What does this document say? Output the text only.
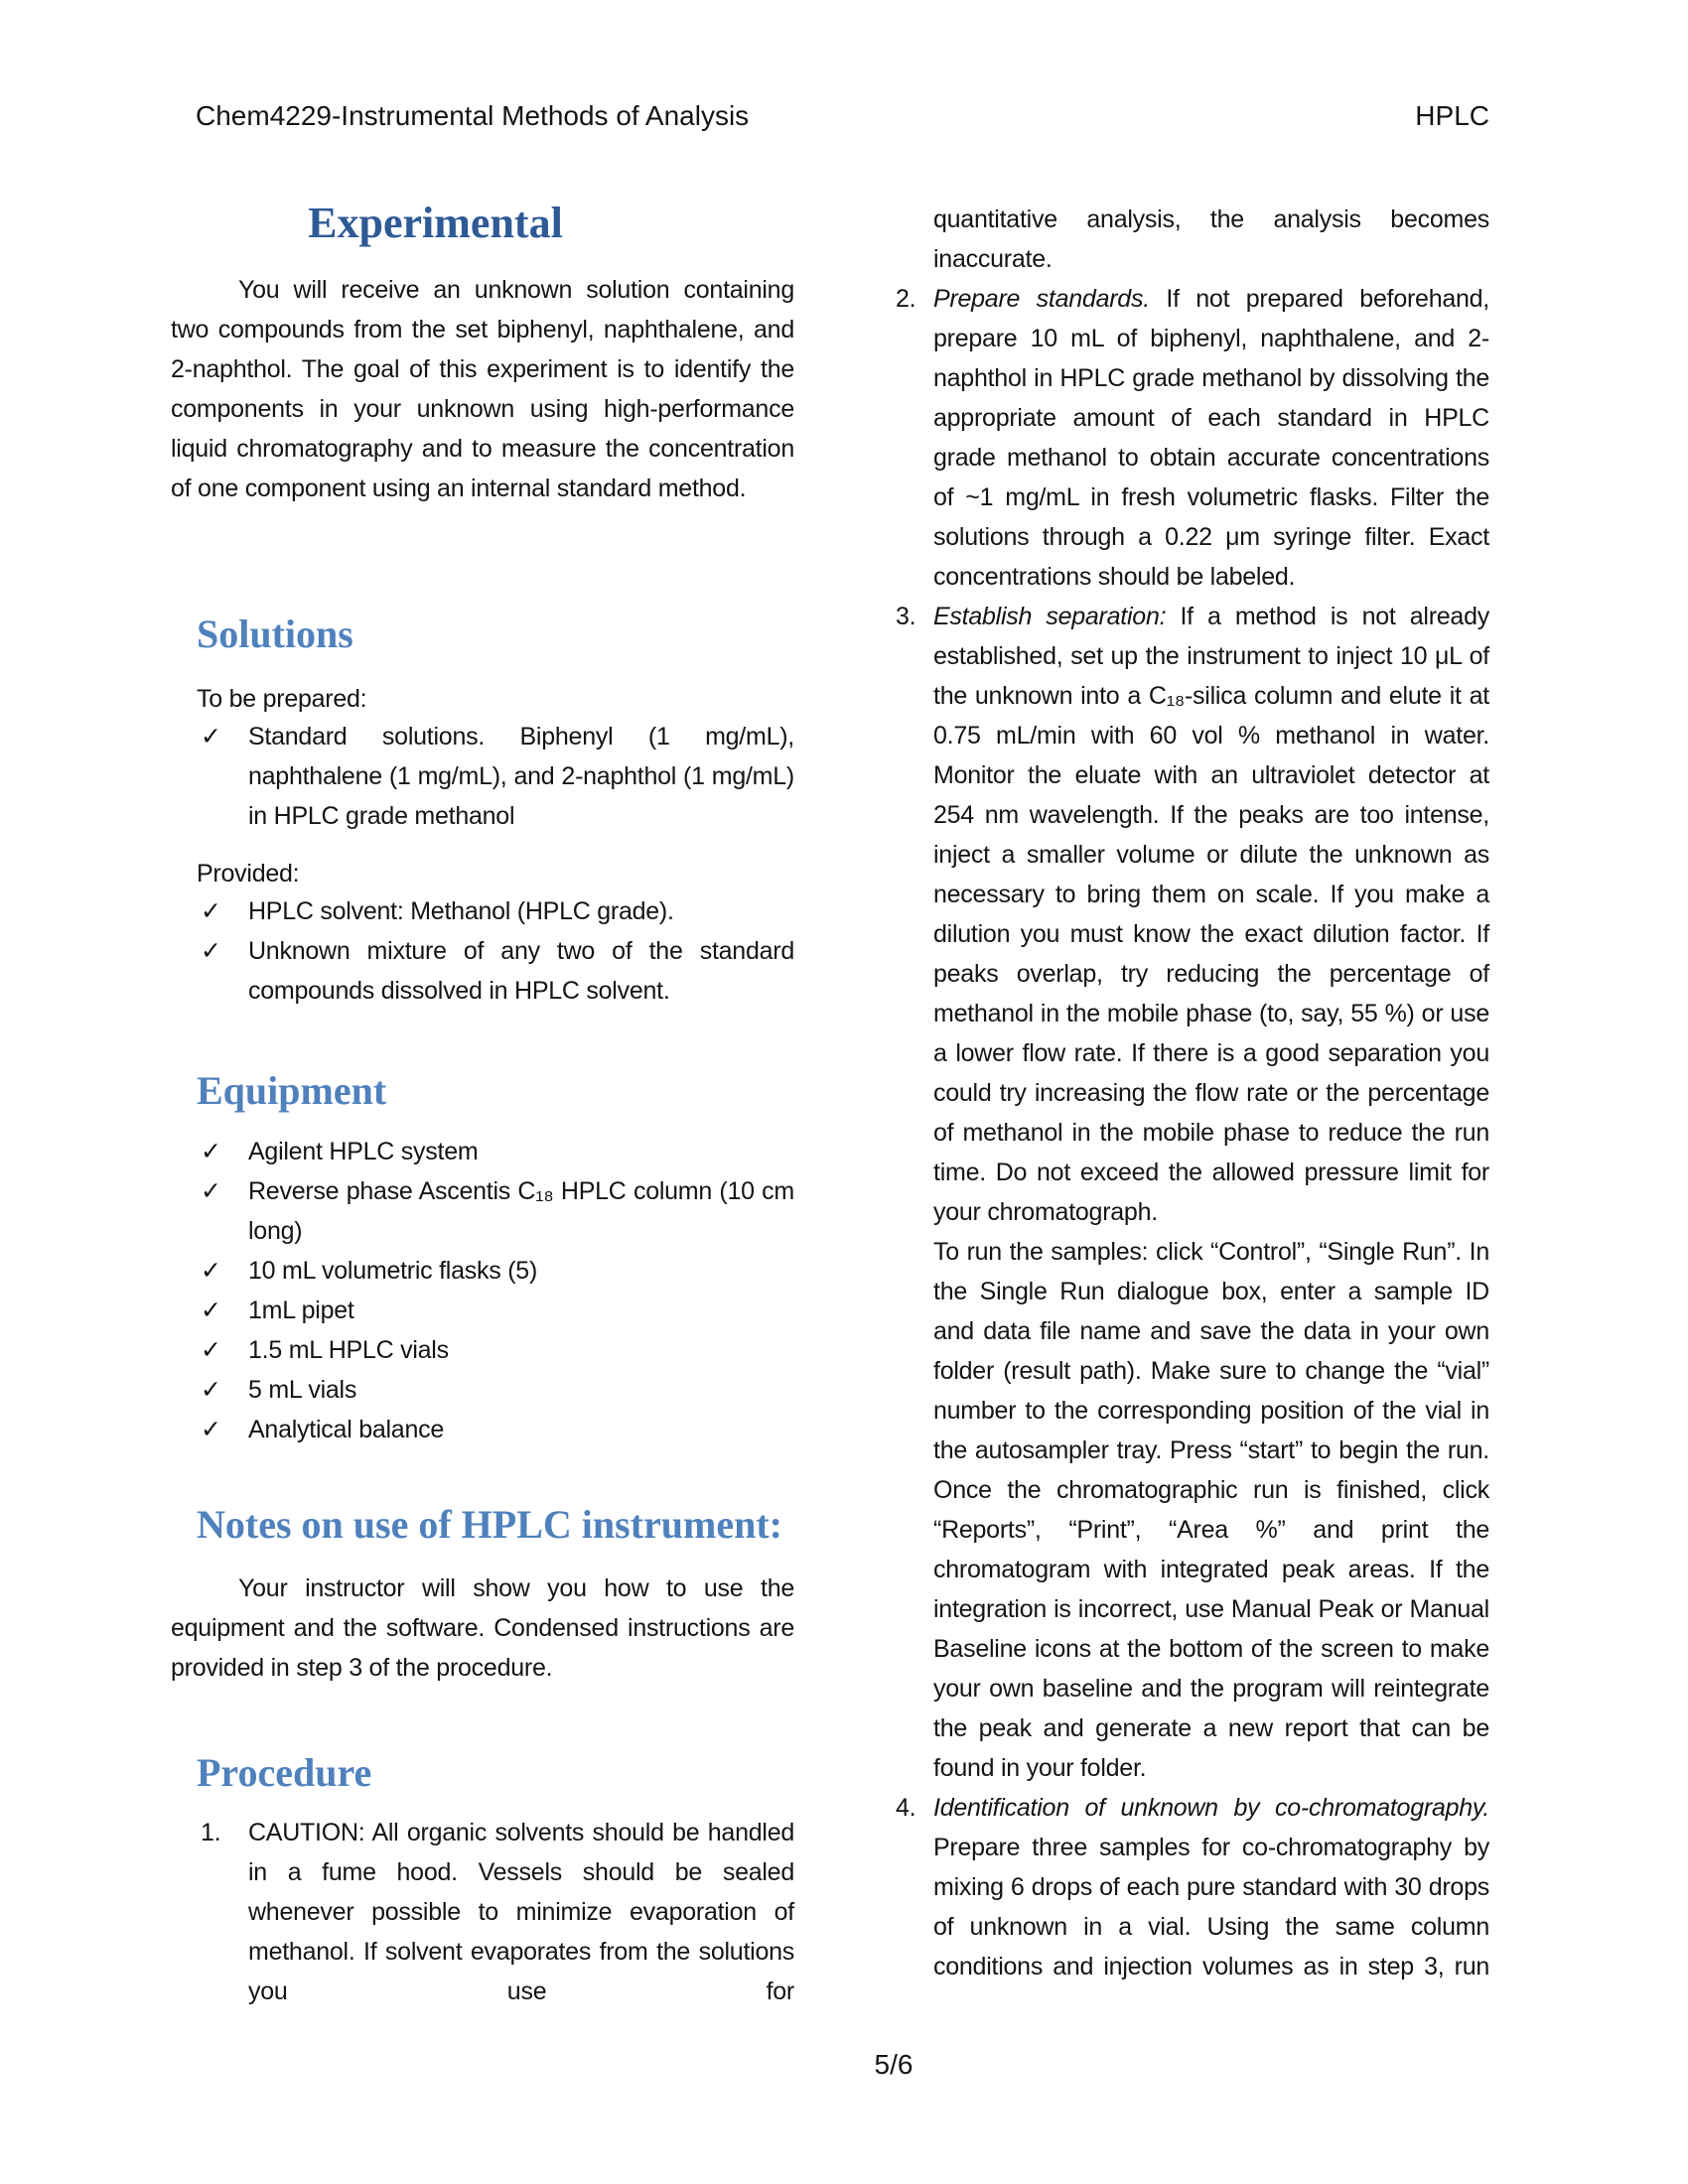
Chem4229-Instrumental Methods of Analysis	HPLC
Experimental
You will receive an unknown solution containing two compounds from the set biphenyl, naphthalene, and 2-naphthol. The goal of this experiment is to identify the components in your unknown using high-performance liquid chromatography and to measure the concentration of one component using an internal standard method.
Solutions
To be prepared:
✓	Standard solutions. Biphenyl (1 mg/mL), naphthalene (1 mg/mL), and 2-naphthol (1 mg/mL) in HPLC grade methanol
Provided:
✓	HPLC solvent: Methanol (HPLC grade).
✓	Unknown mixture of any two of the standard compounds dissolved in HPLC solvent.
Equipment
✓	Agilent HPLC system
✓	Reverse phase Ascentis C₁₈ HPLC column (10 cm long)
✓	10 mL volumetric flasks (5)
✓	1mL pipet
✓	1.5 mL HPLC vials
✓	5 mL vials
✓	Analytical balance
Notes on use of HPLC instrument:
Your instructor will show you how to use the equipment and the software. Condensed instructions are provided in step 3 of the procedure.
Procedure
1.	CAUTION: All organic solvents should be handled in a fume hood. Vessels should be sealed whenever possible to minimize evaporation of methanol. If solvent evaporates from the solutions you use for
quantitative analysis, the analysis becomes inaccurate.
2. Prepare standards. If not prepared beforehand, prepare 10 mL of biphenyl, naphthalene, and 2-naphthol in HPLC grade methanol by dissolving the appropriate amount of each standard in HPLC grade methanol to obtain accurate concentrations of ~1 mg/mL in fresh volumetric flasks. Filter the solutions through a 0.22 μm syringe filter. Exact concentrations should be labeled.
3. Establish separation: If a method is not already established, set up the instrument to inject 10 μL of the unknown into a C₁₈-silica column and elute it at 0.75 mL/min with 60 vol % methanol in water. Monitor the eluate with an ultraviolet detector at 254 nm wavelength. If the peaks are too intense, inject a smaller volume or dilute the unknown as necessary to bring them on scale. If you make a dilution you must know the exact dilution factor. If peaks overlap, try reducing the percentage of methanol in the mobile phase (to, say, 55 %) or use a lower flow rate. If there is a good separation you could try increasing the flow rate or the percentage of methanol in the mobile phase to reduce the run time. Do not exceed the allowed pressure limit for your chromatograph.
To run the samples: click “Control”, “Single Run”. In the Single Run dialogue box, enter a sample ID and data file name and save the data in your own folder (result path). Make sure to change the “vial” number to the corresponding position of the vial in the autosampler tray. Press “start” to begin the run. Once the chromatographic run is finished, click “Reports”, “Print”, “Area %” and print the chromatogram with integrated peak areas. If the integration is incorrect, use Manual Peak or Manual Baseline icons at the bottom of the screen to make your own baseline and the program will reintegrate the peak and generate a new report that can be found in your folder.
4. Identification of unknown by co-chromatography. Prepare three samples for co-chromatography by mixing 6 drops of each pure standard with 30 drops of unknown in a vial. Using the same column conditions and injection volumes as in step 3, run
5/6
